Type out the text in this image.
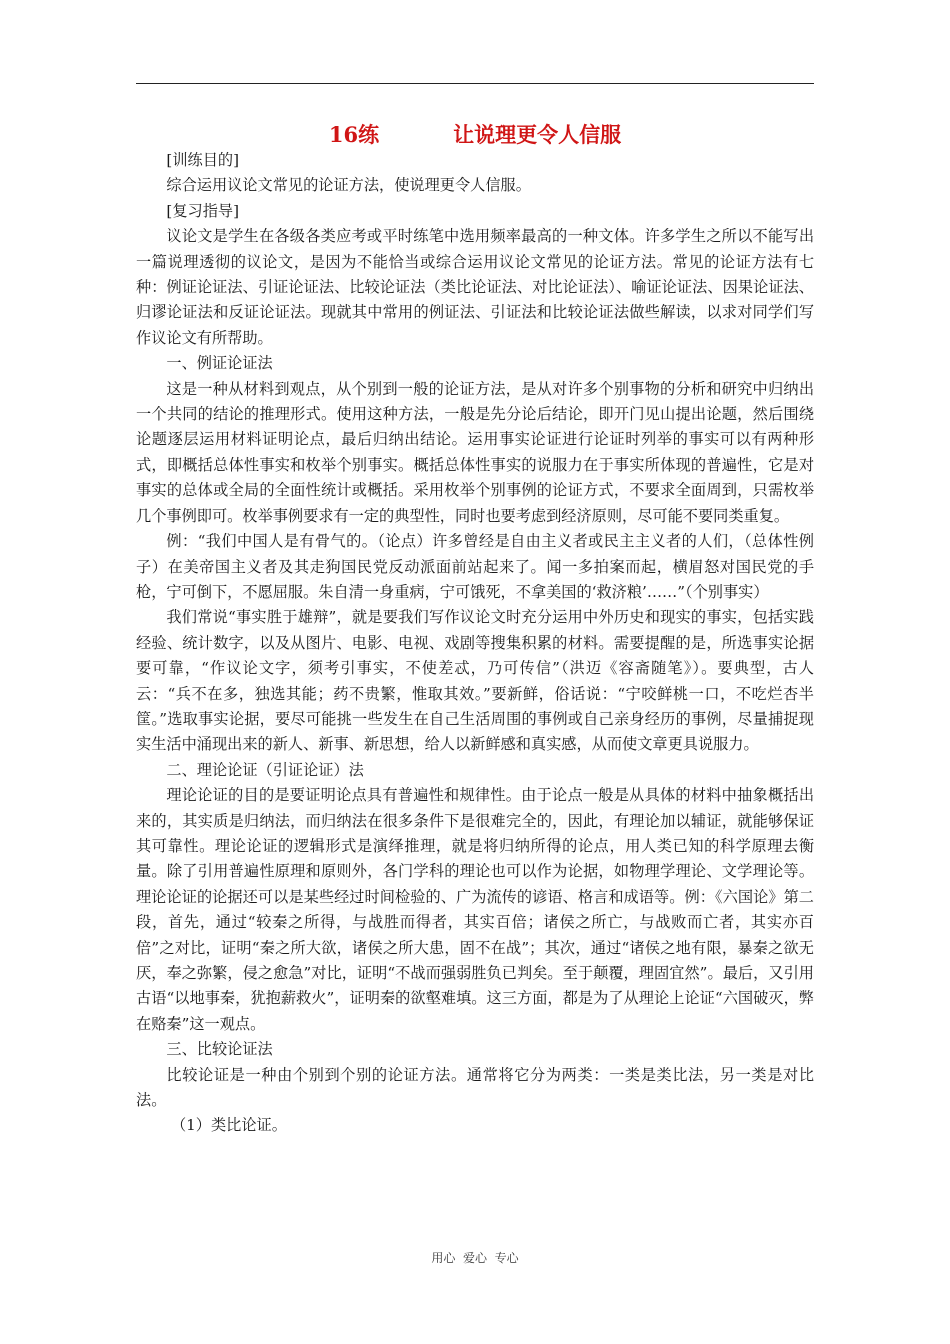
16练	让说理更令人信服

[训练目的]

综合运用议论文常见的论证方法，使说理更令人信服。

[复习指导]

议论文是学生在各级各类应考或平时练笔中选用频率最高的一种文体。许多学生之所以不能写出一篇说理透彻的议论文，是因为不能恰当或综合运用议论文常见的论证方法。常见的论证方法有七种：例证论证法、引证论证法、比较论证法（类比论证法、对比论证法）、喻证论证法、因果论证法、归谬论证法和反证论证法。现就其中常用的例证法、引证法和比较论证法做些解读，以求对同学们写作议论文有所帮助。

一、例证论证法

这是一种从材料到观点，从个别到一般的论证方法，是从对许多个别事物的分析和研究中归纳出一个共同的结论的推理形式。使用这种方法，一般是先分论后结论，即开门见山提出论题，然后围绕论题逐层运用材料证明论点，最后归纳出结论。运用事实论证进行论证时列举的事实可以有两种形式，即概括总体性事实和枚举个别事实。概括总体性事实的说服力在于事实所体现的普遍性，它是对事实的总体或全局的全面性统计或概括。采用枚举个别事例的论证方式，不要求全面周到，只需枚举几个事例即可。枚举事例要求有一定的典型性，同时也要考虑到经济原则，尽可能不要同类重复。

例：“我们中国人是有骨气的。（论点）许多曾经是自由主义者或民主主义者的人们，（总体性例子）在美帝国主义者及其走狗国民党反动派面前站起来了。闻一多拍案而起，横眉怒对国民党的手枪，宁可倒下，不愿屈服。朱自清一身重病，宁可饿死，不拿美国的‘救济粮’……”（个别事实）

我们常说“事实胜于雄辩”，就是要我们写作议论文时充分运用中外历史和现实的事实，包括实践经验、统计数字，以及从图片、电影、电视、戏剧等搜集积累的材料。需要提醒的是，所选事实论据要可靠，“作议论文字，须考引事实，不使差忒，乃可传信”（洪迈《容斋随笔》）。要典型，古人云：“兵不在多，独选其能；药不贵繁，惟取其效。”要新鲜，俗话说：“宁咬鲜桃一口，不吃烂杏半筐。”选取事实论据，要尽可能挑一些发生在自己生活周围的事例或自己亲身经历的事例，尽量捕捉现实生活中涌现出来的新人、新事、新思想，给人以新鲜感和真实感，从而使文章更具说服力。

二、理论论证（引证论证）法

理论论证的目的是要证明论点具有普遍性和规律性。由于论点一般是从具体的材料中抽象概括出来的，其实质是归纳法，而归纳法在很多条件下是很难完全的，因此，有理论加以辅证，就能够保证其可靠性。理论论证的逻辑形式是演绎推理，就是将归纳所得的论点，用人类已知的科学原理去衡量。除了引用普遍性原理和原则外，各门学科的理论也可以作为论据，如物理学理论、文学理论等。理论论证的论据还可以是某些经过时间检验的、广为流传的谚语、格言和成语等。例：《六国论》第二段，首先，通过“较秦之所得，与战胜而得者，其实百倍；诸侯之所亡，与战败而亡者，其实亦百倍”之对比，证明“秦之所大欲，诸侯之所大患，固不在战”；其次，通过“诸侯之地有限，暴秦之欲无厌，奉之弥繁，侵之愈急”对比，证明“不战而强弱胜负已判矣。至于颠覆，理固宜然”。最后，又引用古语“以地事秦，犹抱薪救火”，证明秦的欲壑难填。这三方面，都是为了从理论上论证“六国破灭，弊在赂秦”这一观点。

三、比较论证法

比较论证是一种由个别到个别的论证方法。通常将它分为两类：一类是类比法，另一类是对比法。

（1）类比论证。

用心  爱心  专心
